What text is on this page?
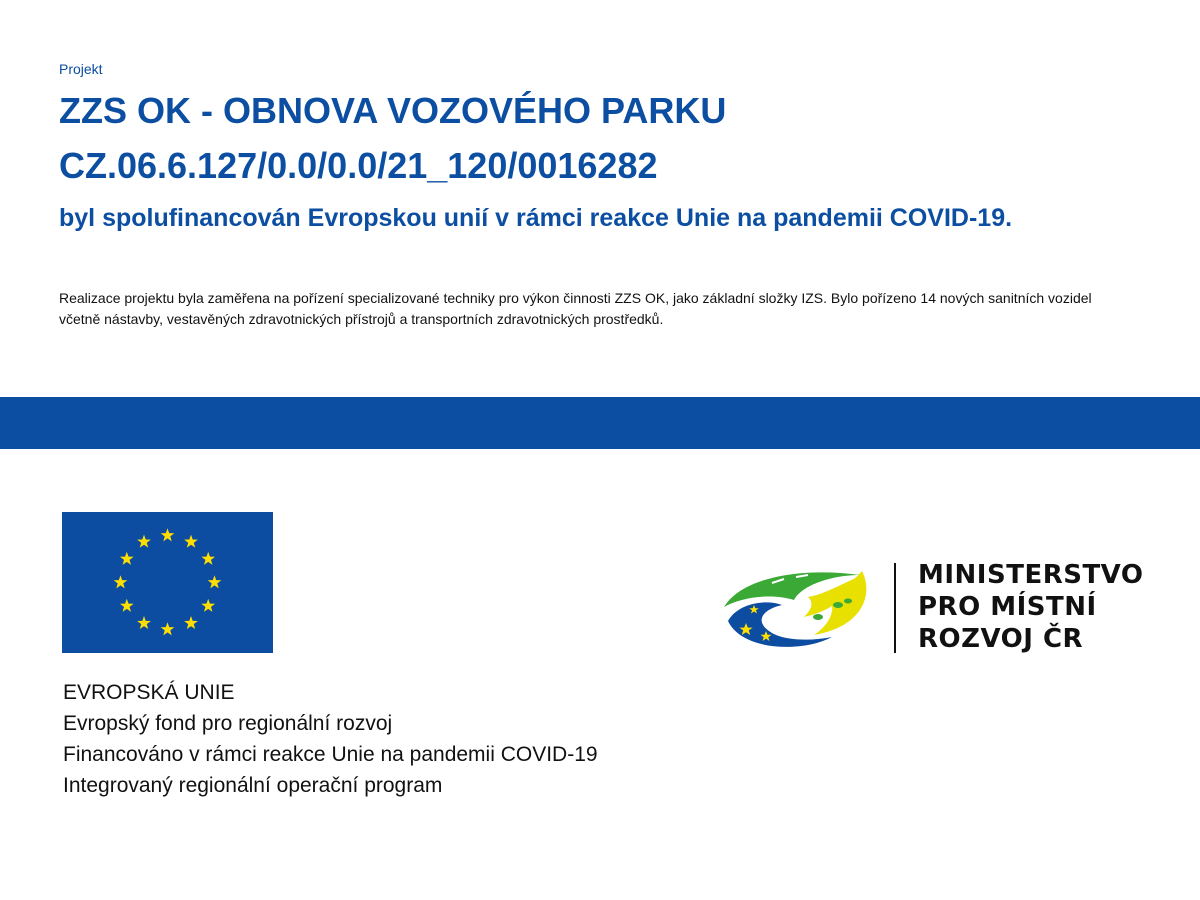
Projekt
ZZS OK - OBNOVA VOZOVÉHO PARKU
CZ.06.6.127/0.0/0.0/21_120/0016282
byl spolufinancován Evropskou unií v rámci reakce Unie na pandemii COVID-19.
Realizace projektu byla zaměřena na pořízení specializované techniky pro výkon činnosti ZZS OK, jako základní složky IZS. Bylo pořízeno 14 nových sanitních vozidel včetně nástavby, vestavěných zdravotnických přístrojů a transportních zdravotnických prostředků.
EVROPSKÁ UNIE
Evropský fond pro regionální rozvoj
Financováno v rámci reakce Unie na pandemii COVID-19
Integrovaný regionální operační program
MINISTERSTVO
PRO MÍSTNÍ
ROZVOJ ČR
